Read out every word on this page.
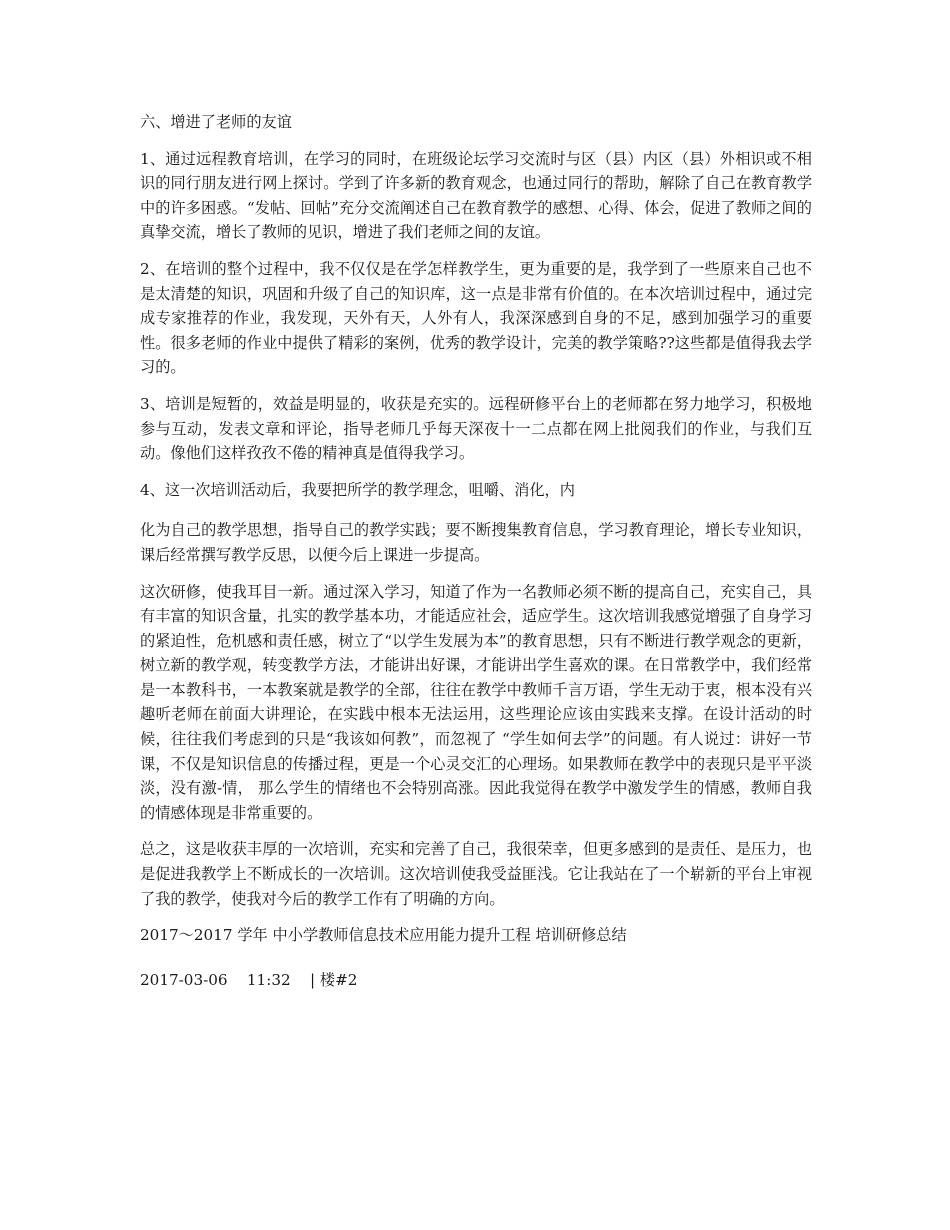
六、增进了老师的友谊

1、通过远程教育培训，在学习的同时，在班级论坛学习交流时与区（县）内区（县）外相识或不相识的同行朋友进行网上探讨。学到了许多新的教育观念，也通过同行的帮助，解除了自己在教育教学中的许多困惑。“发帖、回帖”充分交流阐述自己在教育教学的感想、心得、体会，促进了教师之间的真挚交流，增长了教师的见识，增进了我们老师之间的友谊。

2、在培训的整个过程中，我不仅仅是在学怎样教学生，更为重要的是，我学到了一些原来自己也不是太清楚的知识，巩固和升级了自己的知识库，这一点是非常有价值的。在本次培训过程中，通过完成专家推荐的作业，我发现，天外有天，人外有人，我深深感到自身的不足，感到加强学习的重要性。很多老师的作业中提供了精彩的案例，优秀的教学设计，完美的教学策略??这些都是值得我去学习的。

3、培训是短暂的，效益是明显的，收获是充实的。远程研修平台上的老师都在努力地学习，积极地参与互动，发表文章和评论，指导老师几乎每天深夜十一二点都在网上批阅我们的作业，与我们互动。像他们这样孜孜不倦的精神真是值得我学习。

4、这一次培训活动后，我要把所学的教学理念，咀嚼、消化，内

化为自己的教学思想，指导自己的教学实践；要不断搜集教育信息，学习教育理论，增长专业知识，课后经常撰写教学反思，以便今后上课进一步提高。

这次研修，使我耳目一新。通过深入学习，知道了作为一名教师必须不断的提高自己，充实自己，具有丰富的知识含量，扎实的教学基本功，才能适应社会，适应学生。这次培训我感觉增强了自身学习的紧迫性，危机感和责任感，树立了“以学生发展为本”的教育思想，只有不断进行教学观念的更新，树立新的教学观，转变教学方法，才能讲出好课，才能讲出学生喜欢的课。在日常教学中，我们经常是一本教科书，一本教案就是教学的全部，往往在教学中教师千言万语，学生无动于衷，根本没有兴趣听老师在前面大讲理论，在实践中根本无法运用，这些理论应该由实践来支撑。在设计活动的时候，往往我们考虑到的只是“我该如何教”，而忽视了 “学生如何去学”的问题。有人说过：讲好一节课，不仅是知识信息的传播过程，更是一个心灵交汇的心理场。如果教师在教学中的表现只是平平淡淡，没有激-情， 那么学生的情绪也不会特别高涨。因此我觉得在教学中激发学生的情感，教师自我的情感体现是非常重要的。

总之，这是收获丰厚的一次培训，充实和完善了自己，我很荣幸，但更多感到的是责任、是压力，也是促进我教学上不断成长的一次培训。这次培训使我受益匪浅。它让我站在了一个崭新的平台上审视了我的教学，使我对今后的教学工作有了明确的方向。

2017～2017 学年 中小学教师信息技术应用能力提升工程 培训研修总结

2017-03-06    11:32    | 楼#2
